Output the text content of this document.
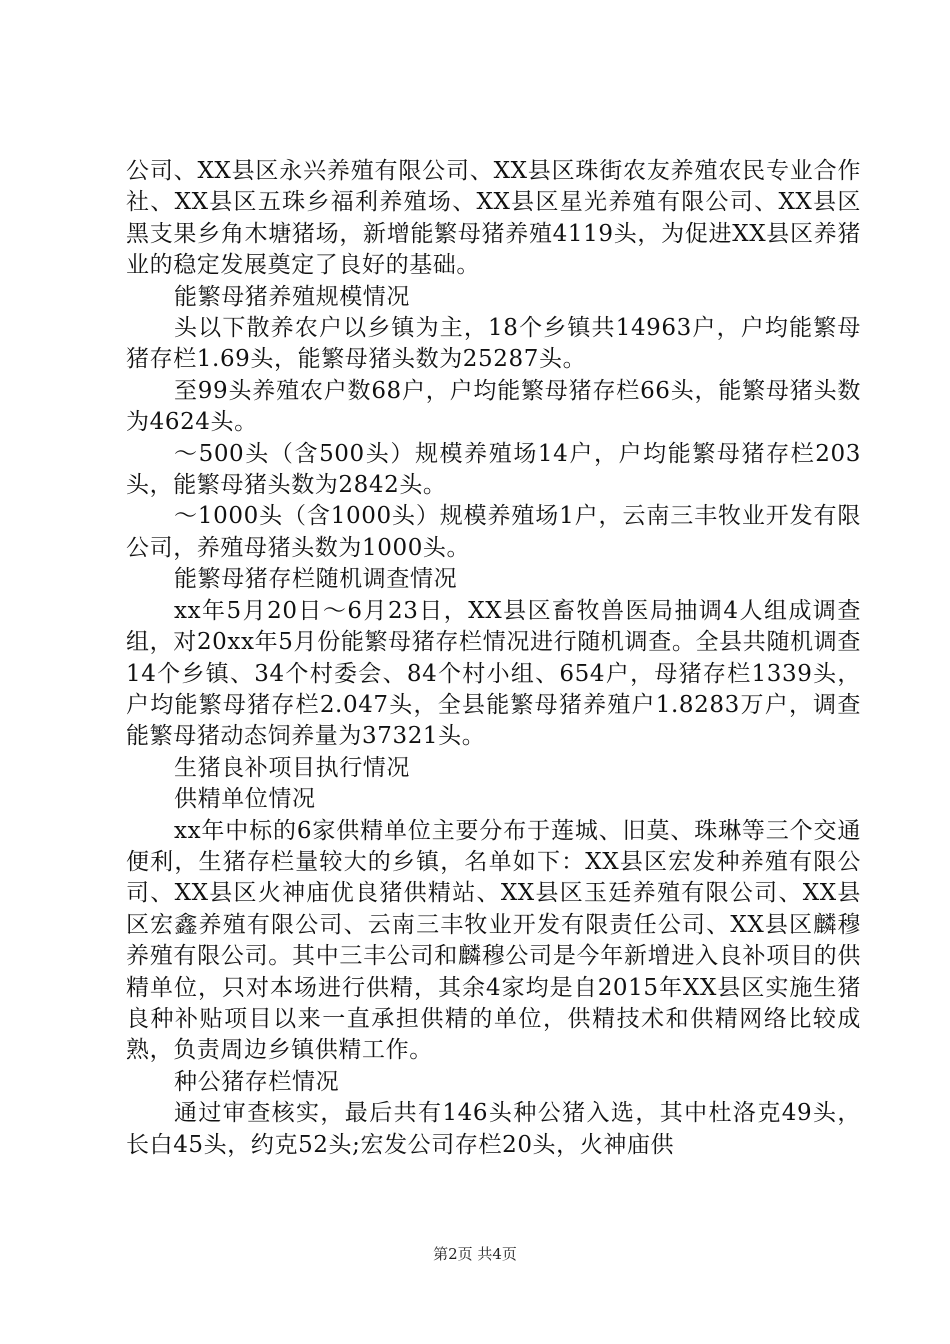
公司、XX县区永兴养殖有限公司、XX县区珠街农友养殖农民专业合作社、XX县区五珠乡福利养殖场、XX县区星光养殖有限公司、XX县区黑支果乡角木塘猪场，新增能繁母猪养殖4119头，为促进XX县区养猪业的稳定发展奠定了良好的基础。

能繁母猪养殖规模情况

头以下散养农户以乡镇为主，18个乡镇共14963户，户均能繁母猪存栏1.69头，能繁母猪头数为25287头。

至99头养殖农户数68户，户均能繁母猪存栏66头，能繁母猪头数为4624头。

～500头（含500头）规模养殖场14户，户均能繁母猪存栏203头，能繁母猪头数为2842头。

～1000头（含1000头）规模养殖场1户，云南三丰牧业开发有限公司，养殖母猪头数为1000头。

能繁母猪存栏随机调查情况

xx年5月20日～6月23日，XX县区畜牧兽医局抽调4人组成调查组，对20xx年5月份能繁母猪存栏情况进行随机调查。全县共随机调查14个乡镇、34个村委会、84个村小组、654户，母猪存栏1339头，户均能繁母猪存栏2.047头，全县能繁母猪养殖户1.8283万户，调查能繁母猪动态饲养量为37321头。

生猪良补项目执行情况

供精单位情况

xx年中标的6家供精单位主要分布于莲城、旧莫、珠琳等三个交通便利，生猪存栏量较大的乡镇，名单如下：XX县区宏发种养殖有限公司、XX县区火神庙优良猪供精站、XX县区玉廷养殖有限公司、XX县区宏鑫养殖有限公司、云南三丰牧业开发有限责任公司、XX县区麟穆养殖有限公司。其中三丰公司和麟穆公司是今年新增进入良补项目的供精单位，只对本场进行供精，其余4家均是自2015年XX县区实施生猪良种补贴项目以来一直承担供精的单位，供精技术和供精网络比较成熟，负责周边乡镇供精工作。

种公猪存栏情况

通过审查核实，最后共有146头种公猪入选，其中杜洛克49头，长白45头，约克52头;宏发公司存栏20头，火神庙供

第2页 共4页
